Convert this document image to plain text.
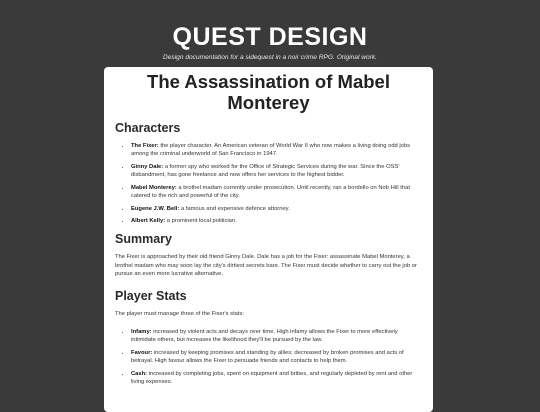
QUEST DESIGN
Design documentation for a sidequest in a noir crime RPG. Original work.
The Assassination of Mabel Monterey
Characters
• The Fixer: the player character. An American veteran of World War II who now makes a living doing odd jobs among the criminal underworld of San Francisco in 1947.
• Ginny Dale: a former spy who worked for the Office of Strategic Services during the war. Since the OSS' disbandment, has gone freelance and now offers her services to the highest bidder.
• Mabel Monterey: a brothel madam currently under prosecution. Until recently, ran a bordello on Nob Hill that catered to the rich and powerful of the city.
• Eugene J.W. Bell: a famous and expensive defence attorney.
• Albert Kelly: a prominent local politician.
Summary

The Fixer is approached by their old friend Ginny Dale. Dale has a job for the Fixer: assassinate Mabel Monterey, a brothel madam who may soon lay the city's dirtiest secrets bare. The Fixer must decide whether to carry out the job or pursue an even more lucrative alternative.

Player Stats

The player must manage three of the Fixer's stats:

• Infamy: increased by violent acts and decays over time. High infamy allows the Fixer to more effectively intimidate others, but increases the likelihood they'll be pursued by the law.
• Favour: increased by keeping promises and standing by allies; decreased by broken promises and acts of betrayal. High favour allows the Fixer to persuade friends and contacts to help them.
• Cash: increased by completing jobs, spent on equipment and bribes, and regularly depleted by rent and other living expenses.
